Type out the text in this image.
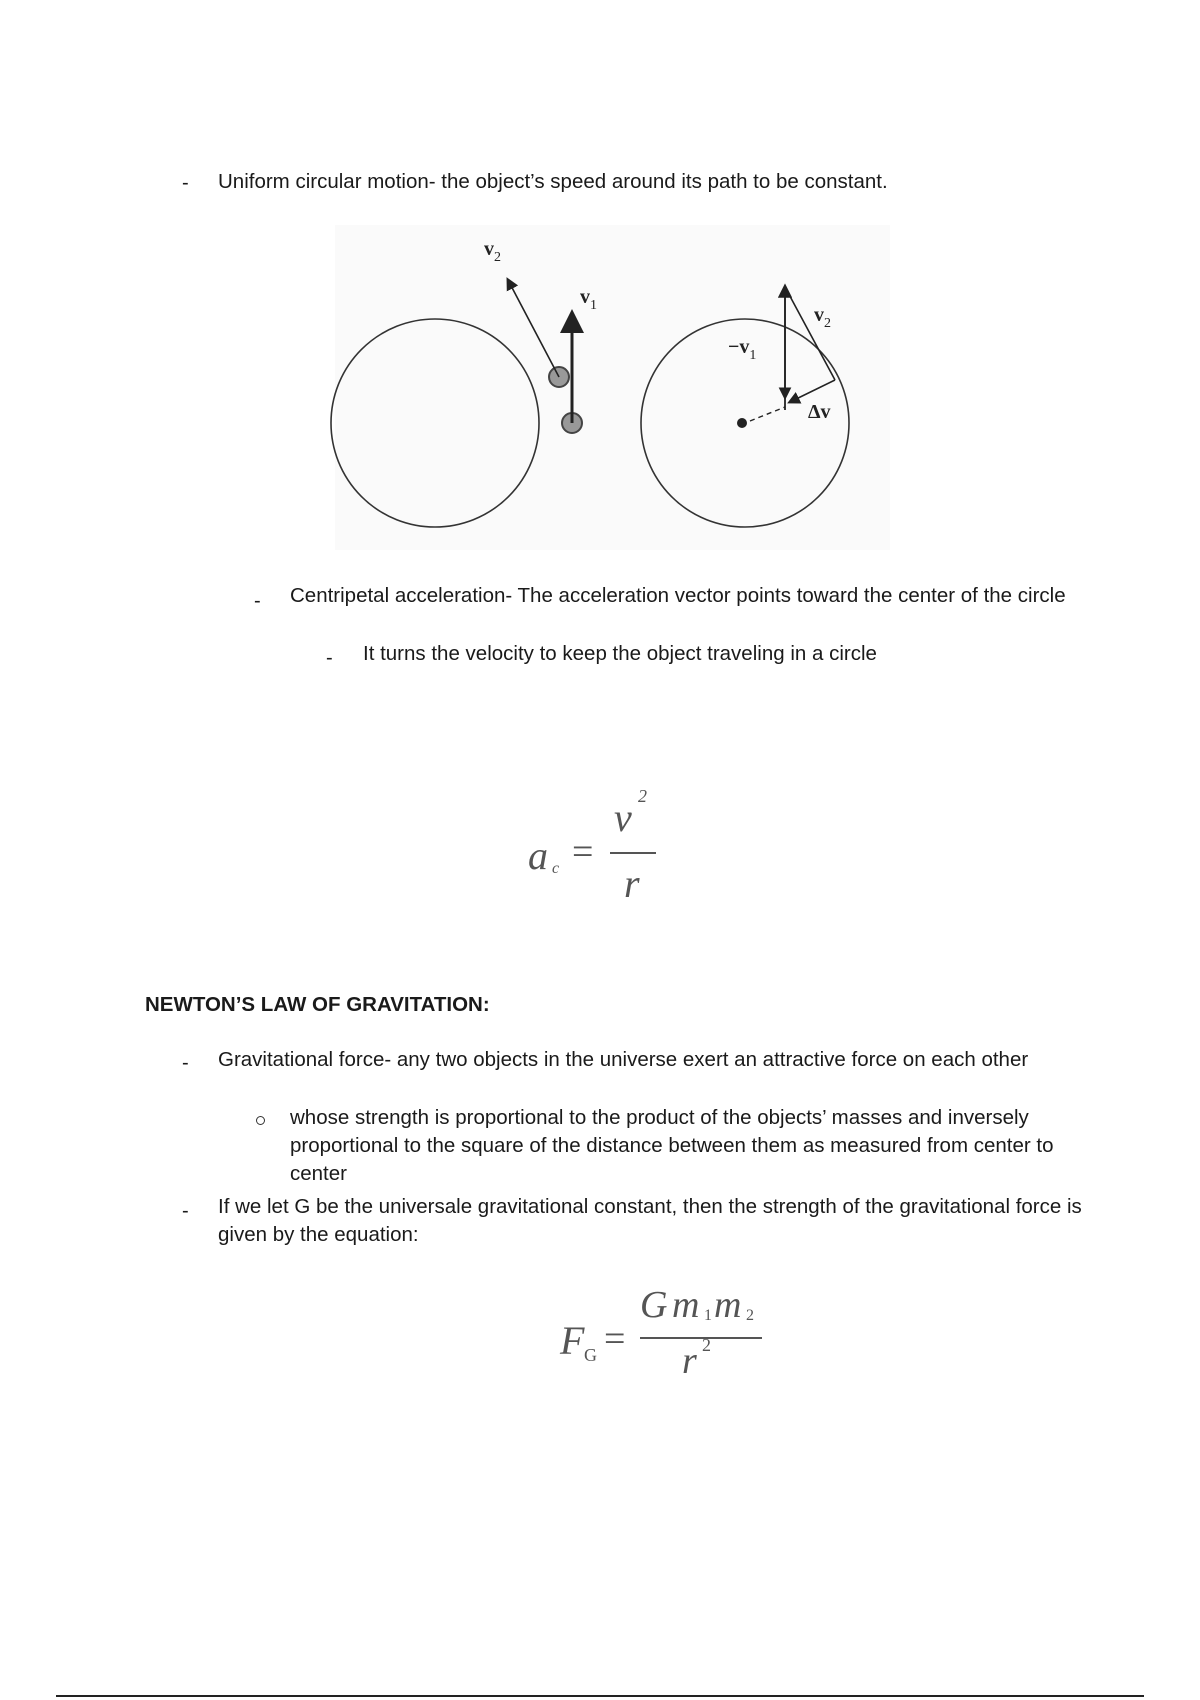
- Uniform circular motion- the object’s speed around its path to be constant.
$v_2$
$v_1$
$-v_1$
$v_2$
Δv
- Centripetal acceleration- The acceleration vector points toward the center of the circle
- It turns the velocity to keep the object traveling in a circle
a c =
v 2
r
NEWTON’S LAW OF GRAVITATION:
- Gravitational force- any two objects in the universe exert an attractive force on each other
whose strength is proportional to the product of the objects’ masses and inversely proportional to the square of the distance between them as measured from center to center
- If we let G be the universale gravitational constant, then the strength of the gravitational force is given by the equation:
F G =
G m 1 m 2
r 2
